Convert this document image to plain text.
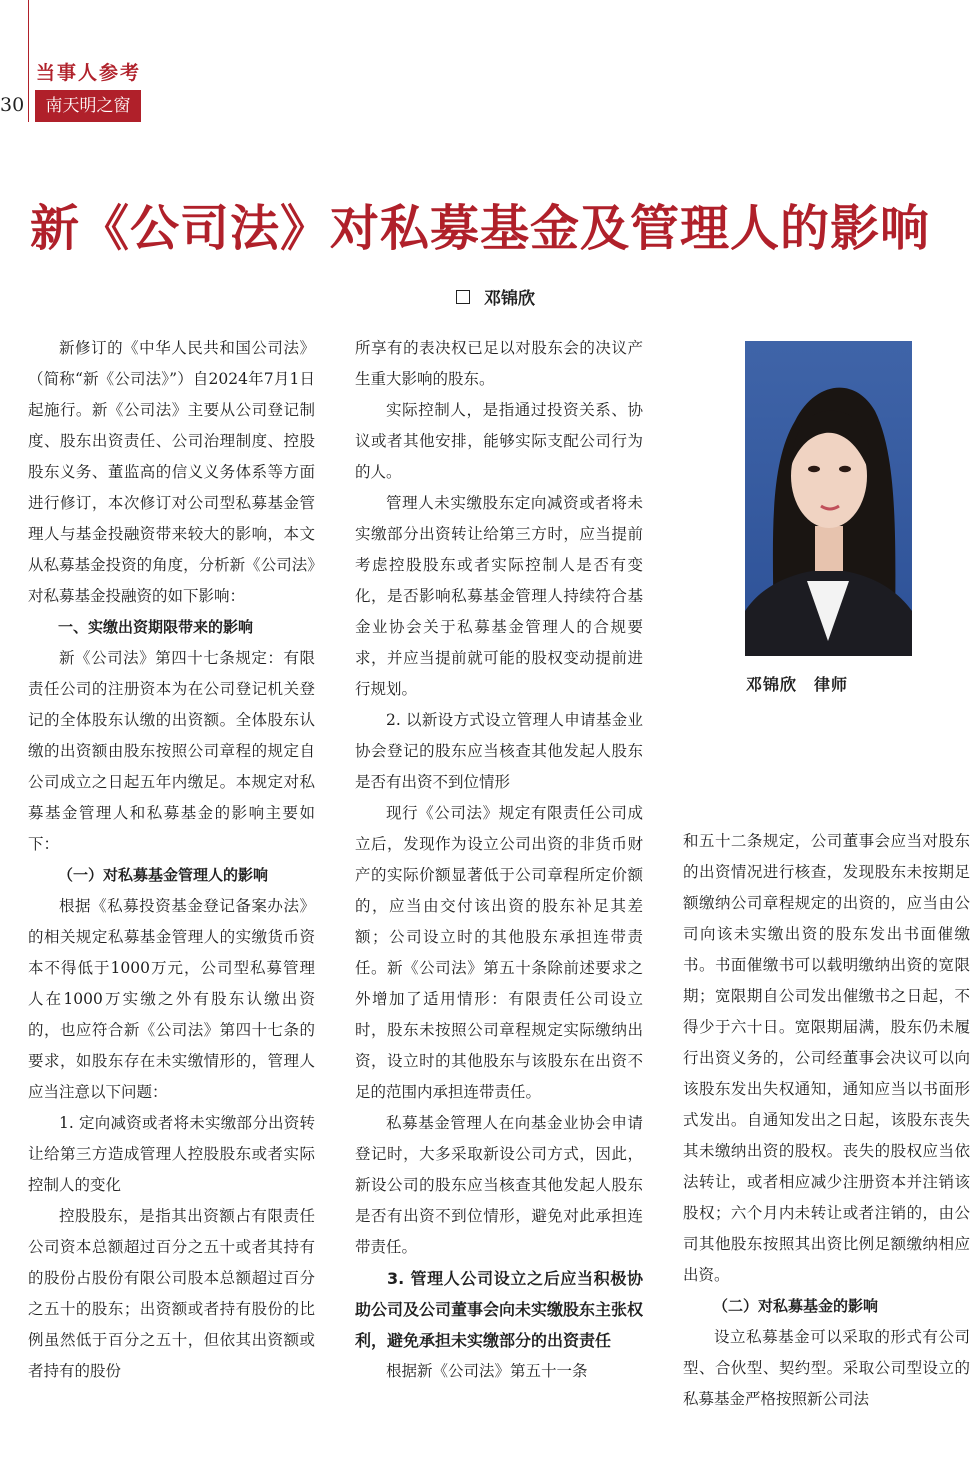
当事人参考
30	南天明之窗
新《公司法》对私募基金及管理人的影响
邓锦欣

新修订的《中华人民共和国公司法》（简称“新《公司法》”）自2024年7月1日起施行。新《公司法》主要从公司登记制度、股东出资责任、公司治理制度、控股股东义务、董监高的信义义务体系等方面进行修订，本次修订对公司型私募基金管理人与基金投融资带来较大的影响，本文从私募基金投资的角度，分析新《公司法》对私募基金投融资的如下影响：

一、实缴出资期限带来的影响

新《公司法》第四十七条规定：有限责任公司的注册资本为在公司登记机关登记的全体股东认缴的出资额。全体股东认缴的出资额由股东按照公司章程的规定自公司成立之日起五年内缴足。本规定对私募基金管理人和私募基金的影响主要如下：

（一）对私募基金管理人的影响

根据《私募投资基金登记备案办法》的相关规定私募基金管理人的实缴货币资本不得低于1000万元，公司型私募管理人在1000万实缴之外有股东认缴出资的，也应符合新《公司法》第四十七条的要求，如股东存在未实缴情形的，管理人应当注意以下问题：

1. 定向减资或者将未实缴部分出资转让给第三方造成管理人控股股东或者实际控制人的变化

控股股东，是指其出资额占有限责任公司资本总额超过百分之五十或者其持有的股份占股份有限公司股本总额超过百分之五十的股东；出资额或者持有股份的比例虽然低于百分之五十，但依其出资额或者持有的股份

所享有的表决权已足以对股东会的决议产生重大影响的股东。

实际控制人，是指通过投资关系、协议或者其他安排，能够实际支配公司行为的人。

管理人未实缴股东定向减资或者将未实缴部分出资转让给第三方时，应当提前考虑控股股东或者实际控制人是否有变化，是否影响私募基金管理人持续符合基金业协会关于私募基金管理人的合规要求，并应当提前就可能的股权变动提前进行规划。

2. 以新设方式设立管理人申请基金业协会登记的股东应当核查其他发起人股东是否有出资不到位情形

现行《公司法》规定有限责任公司成立后，发现作为设立公司出资的非货币财产的实际价额显著低于公司章程所定价额的，应当由交付该出资的股东补足其差额；公司设立时的其他股东承担连带责任。新《公司法》第五十条除前述要求之外增加了适用情形：有限责任公司设立时，股东未按照公司章程规定实际缴纳出资，设立时的其他股东与该股东在出资不足的范围内承担连带责任。

私募基金管理人在向基金业协会申请登记时，大多采取新设公司方式，因此，新设公司的股东应当核查其他发起人股东是否有出资不到位情形，避免对此承担连带责任。

3. 管理人公司设立之后应当积极协助公司及公司董事会向未实缴股东主张权利，避免承担未实缴部分的出资责任

根据新《公司法》第五十一条

邓锦欣　律师

和五十二条规定，公司董事会应当对股东的出资情况进行核查，发现股东未按期足额缴纳公司章程规定的出资的，应当由公司向该未实缴出资的股东发出书面催缴书。书面催缴书可以载明缴纳出资的宽限期；宽限期自公司发出催缴书之日起，不得少于六十日。宽限期届满，股东仍未履行出资义务的，公司经董事会决议可以向该股东发出失权通知，通知应当以书面形式发出。自通知发出之日起，该股东丧失其未缴纳出资的股权。丧失的股权应当依法转让，或者相应减少注册资本并注销该股权；六个月内未转让或者注销的，由公司其他股东按照其出资比例足额缴纳相应出资。

（二）对私募基金的影响

设立私募基金可以采取的形式有公司型、合伙型、契约型。采取公司型设立的私募基金严格按照新公司法
